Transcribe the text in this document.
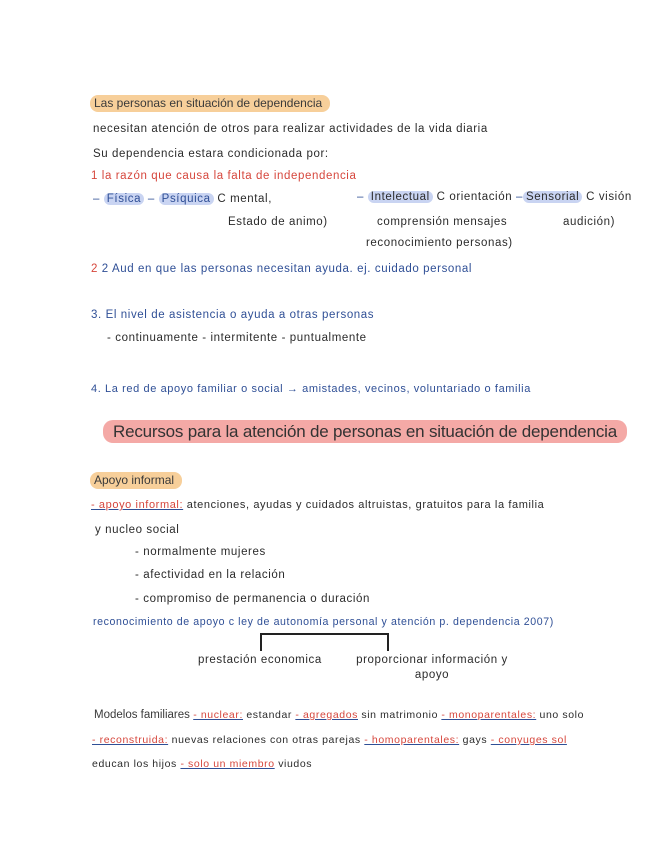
Las personas en situación de dependencia
necesitan atención de otros para realizar actividades de la vida diaria
Su dependencia estara condicionada por:
1 la razón que causa la falta de independencia
– Física – Psíquica C mental,	– Intelectual C orientación – Sensorial C visión
Estado de animo)	comprensión mensajes	audición)
reconocimiento personas)
2 2 Aud en que las personas necesitan ayuda. ej. cuidado personal
3. El nivel de asistencia o ayuda a otras personas
- continuamente - intermitente - puntualmente
4. La red de apoyo familiar o social → amistades, vecinos, voluntariado o familia
Recursos para la atención de personas en situación de dependencia
Apoyo informal
- apoyo informal: atenciones, ayudas y cuidados altruistas, gratuitos para la familia
y nucleo social
- normalmente mujeres
- afectividad en la relación
- compromiso de permanencia o duración
reconocimiento de apoyo c ley de autonomía personal y atención p. dependencia 2007)
prestación economica	proporcionar información y apoyo
Modelos familiares - nuclear: estandar - agregados sin matrimonio - monoparentales: uno solo
- reconstruida: nuevas relaciones con otras parejas - homoparentales: gays - conyuges sol
educan los hijos - solo un miembro viudos
